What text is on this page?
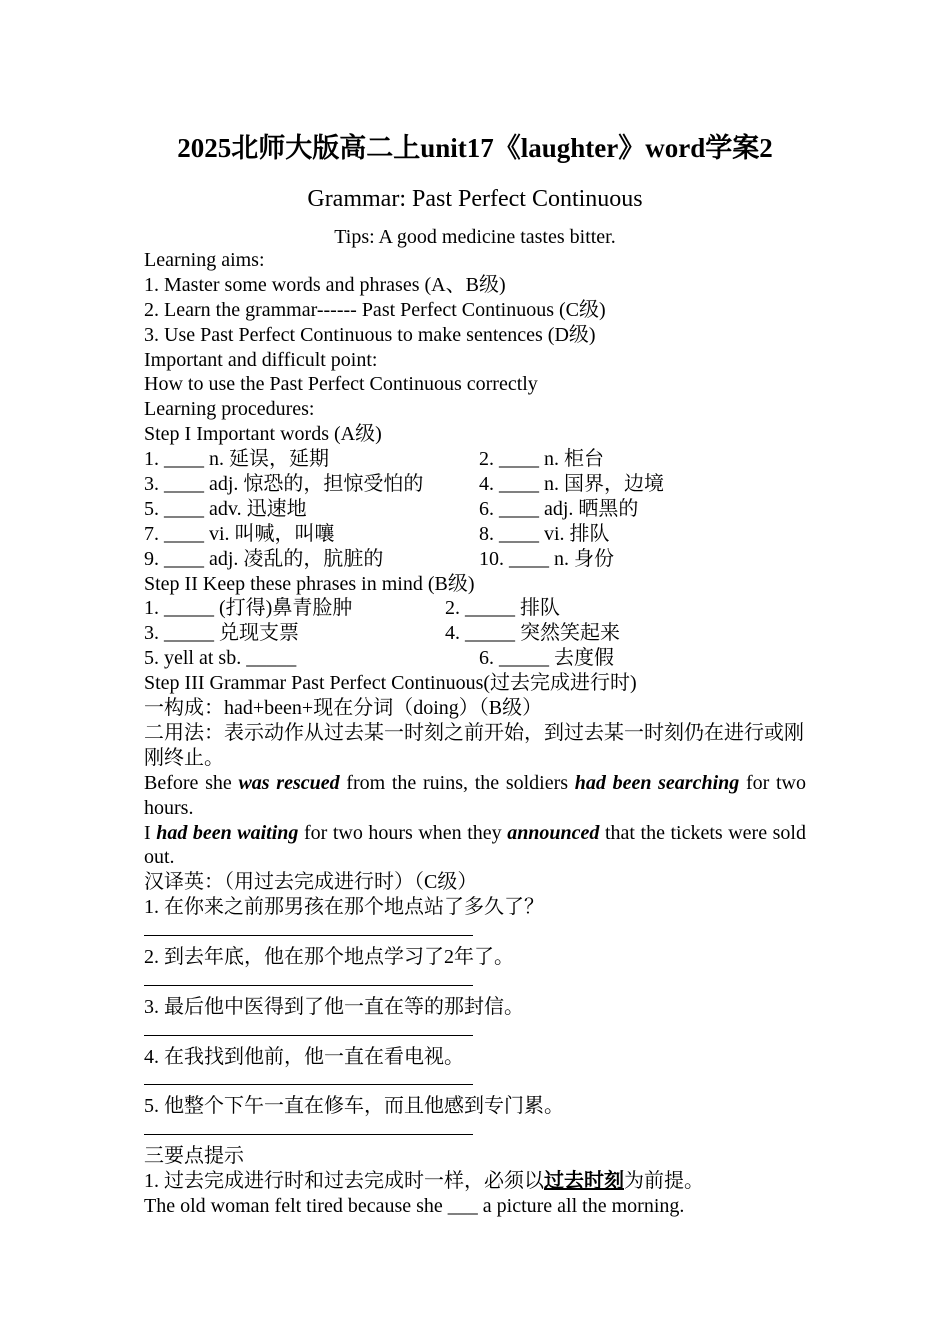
2025北师大版高二上unit17《laughter》word学案2
Grammar: Past Perfect Continuous
Tips: A good medicine tastes bitter.
Learning aims:
1. Master some words and phrases (A、B级)
2. Learn the grammar------ Past Perfect Continuous (C级)
3. Use Past Perfect Continuous to make sentences (D级)
Important and difficult point:
How to use the Past Perfect Continuous correctly
Learning procedures:
Step I Important words (A级)
1. ____ n. 延误，延期	2. ____ n. 柜台
3. ____ adj. 惊恐的，担惊受怕的	4. ____ n. 国界，边境
5. ____ adv. 迅速地	6. ____ adj. 晒黑的
7. ____ vi. 叫喊，叫嚷	8. ____ vi. 排队
9. ____ adj. 凌乱的，肮脏的	10. ____ n. 身份
Step II Keep these phrases in mind (B级)
1. _____ (打得)鼻青脸肿	2. _____ 排队
3. _____ 兑现支票	4. _____ 突然笑起来
5. yell at sb. _____	6. _____ 去度假
Step III Grammar Past Perfect Continuous(过去完成进行时)
一构成：had+been+现在分词（doing）（B级）
二用法：表示动作从过去某一时刻之前开始，到过去某一时刻仍在进行或刚刚终止。
Before she was rescued from the ruins, the soldiers had been searching for two hours.
I had been waiting for two hours when they announced that the tickets were sold out.
汉译英：（用过去完成进行时）（C级）
1. 在你来之前那男孩在那个地点站了多久了？
2. 到去年底，他在那个地点学习了2年了。
3. 最后他中医得到了他一直在等的那封信。
4. 在我找到他前，他一直在看电视。
5. 他整个下午一直在修车，而且他感到专门累。
三要点提示
1. 过去完成进行时和过去完成时一样，必须以过去时刻为前提。
The old woman felt tired because she ___ a picture all the morning.
